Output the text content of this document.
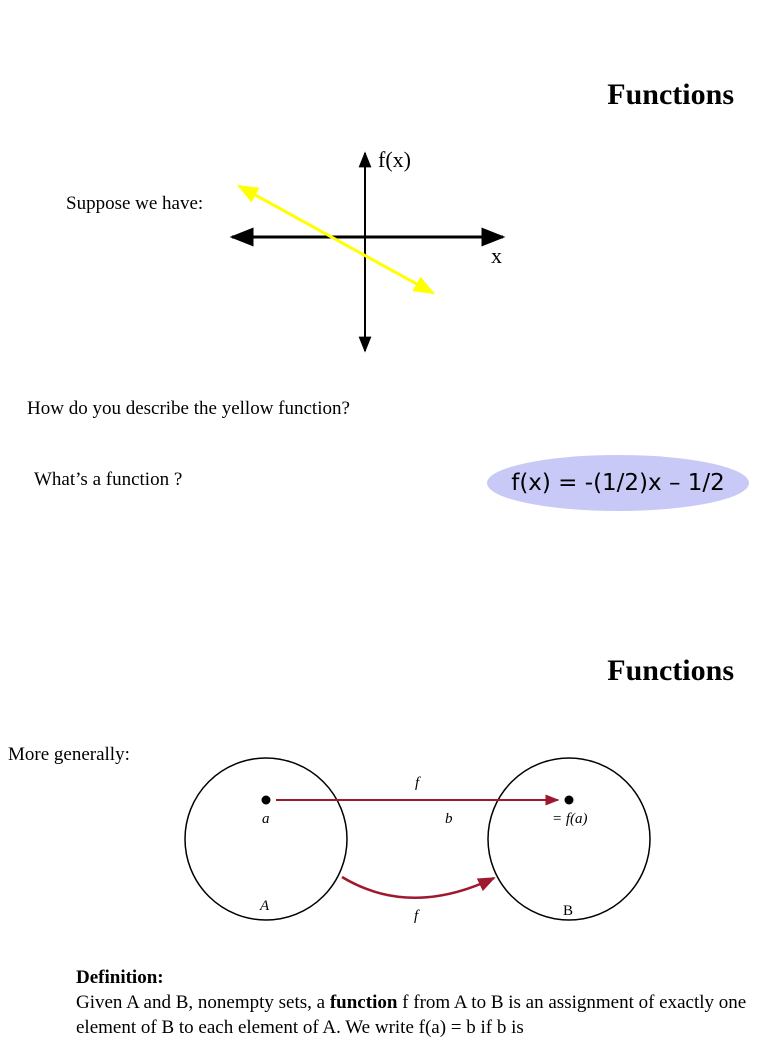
Functions
Suppose we have:
f(x)
x
How do you describe the yellow function?
What’s a function ?	f(x) = -(1/2)x – 1/2
Functions
More generally:
f
a	b	= f(a)
A	B
f
Definition:
Given A and B, nonempty sets, a function f from A to B is an assignment of exactly one element of B to each element of A. We write f(a) = b if b is
